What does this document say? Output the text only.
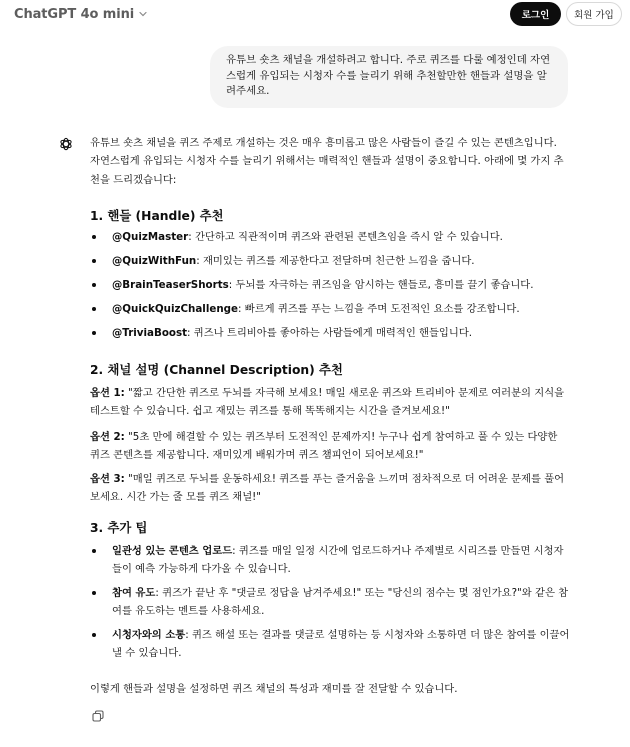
ChatGPT 4o mini	로그인	회원 가입
유튜브 숏츠 채널을 개설하려고 합니다. 주로 퀴즈를 다룰 예정인데 자연스럽게 유입되는 시청자 수를 늘리기 위해 추천할만한 핸들과 설명을 알려주세요.

유튜브 숏츠 채널을 퀴즈 주제로 개설하는 것은 매우 흥미롭고 많은 사람들이 즐길 수 있는 콘텐츠입니다. 자연스럽게 유입되는 시청자 수를 늘리기 위해서는 매력적인 핸들과 설명이 중요합니다. 아래에 몇 가지 추천을 드리겠습니다:

1. 핸들 (Handle) 추천
@QuizMaster: 간단하고 직관적이며 퀴즈와 관련된 콘텐츠임을 즉시 알 수 있습니다.
@QuizWithFun: 재미있는 퀴즈를 제공한다고 전달하며 친근한 느낌을 줍니다.
@BrainTeaserShorts: 두뇌를 자극하는 퀴즈임을 암시하는 핸들로, 흥미를 끌기 좋습니다.
@QuickQuizChallenge: 빠르게 퀴즈를 푸는 느낌을 주며 도전적인 요소를 강조합니다.
@TriviaBoost: 퀴즈나 트리비아를 좋아하는 사람들에게 매력적인 핸들입니다.
2. 채널 설명 (Channel Description) 추천

옵션 1: "짧고 간단한 퀴즈로 두뇌를 자극해 보세요! 매일 새로운 퀴즈와 트리비아 문제로 여러분의 지식을 테스트할 수 있습니다. 쉽고 재밌는 퀴즈를 통해 똑똑해지는 시간을 즐겨보세요!"

옵션 2: "5초 만에 해결할 수 있는 퀴즈부터 도전적인 문제까지! 누구나 쉽게 참여하고 풀 수 있는 다양한 퀴즈 콘텐츠를 제공합니다. 재미있게 배워가며 퀴즈 챔피언이 되어보세요!"

옵션 3: "매일 퀴즈로 두뇌를 운동하세요! 퀴즈를 푸는 즐거움을 느끼며 점차적으로 더 어려운 문제를 풀어 보세요. 시간 가는 줄 모를 퀴즈 채널!"

3. 추가 팁
일관성 있는 콘텐츠 업로드: 퀴즈를 매일 일정 시간에 업로드하거나 주제별로 시리즈를 만들면 시청자들이 예측 가능하게 다가올 수 있습니다.
참여 유도: 퀴즈가 끝난 후 "댓글로 정답을 남겨주세요!" 또는 "당신의 점수는 몇 점인가요?"와 같은 참여를 유도하는 멘트를 사용하세요.
시청자와의 소통: 퀴즈 해설 또는 결과를 댓글로 설명하는 등 시청자와 소통하면 더 많은 참여를 이끌어낼 수 있습니다.

이렇게 핸들과 설명을 설정하면 퀴즈 채널의 특성과 재미를 잘 전달할 수 있습니다.
